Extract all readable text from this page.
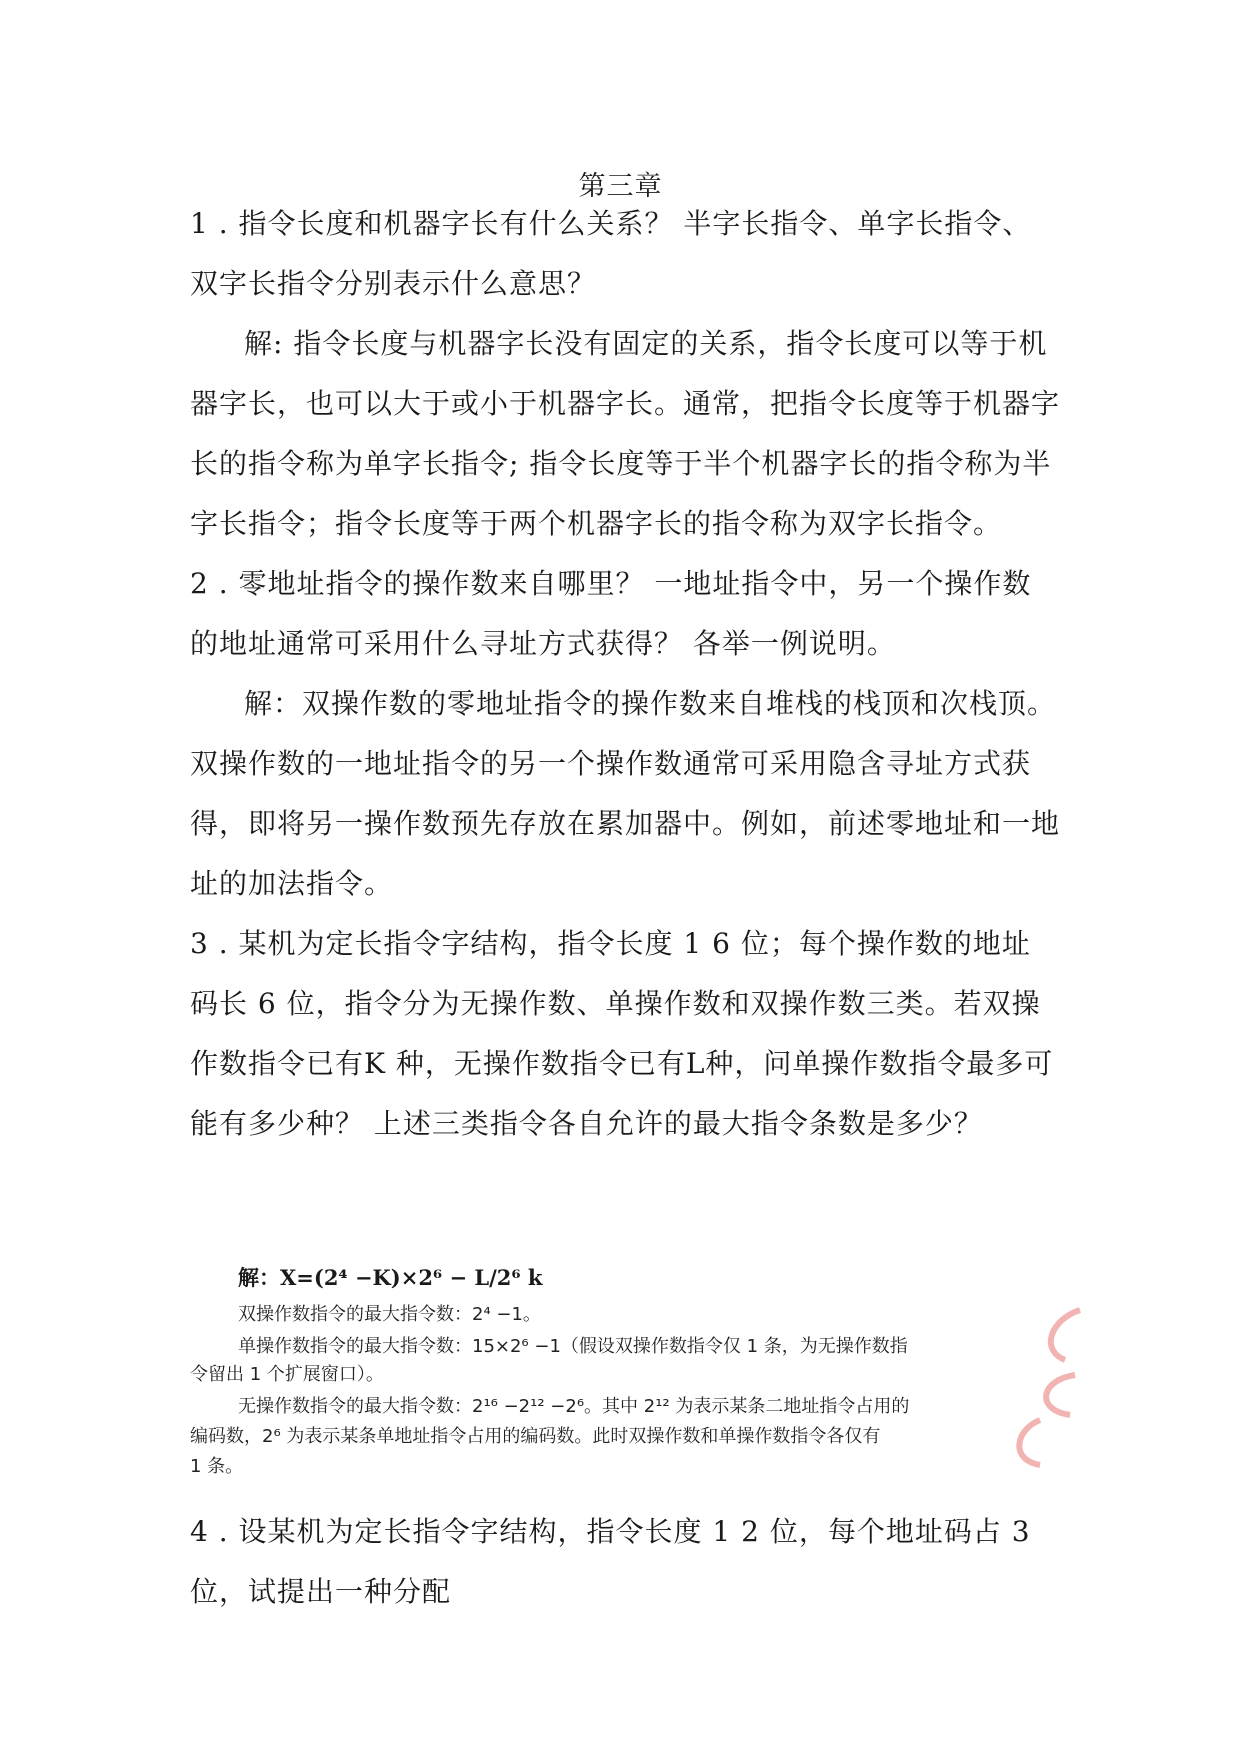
第三章
1 . 指令长度和机器字长有什么关系？ 半字长指令、单字长指令、
双字长指令分别表示什么意思？
解: 指令长度与机器字长没有固定的关系，指令长度可以等于机
器字长，也可以大于或小于机器字长。通常，把指令长度等于机器字
长的指令称为单字长指令; 指令长度等于半个机器字长的指令称为半
字长指令；指令长度等于两个机器字长的指令称为双字长指令。
2 . 零地址指令的操作数来自哪里？ 一地址指令中，另一个操作数
的地址通常可采用什么寻址方式获得？ 各举一例说明。
解：双操作数的零地址指令的操作数来自堆栈的栈顶和次栈顶。
双操作数的一地址指令的另一个操作数通常可采用隐含寻址方式获
得，即将另一操作数预先存放在累加器中。例如，前述零地址和一地
址的加法指令。
3 . 某机为定长指令字结构，指令长度 1 6 位；每个操作数的地址
码长 6 位，指令分为无操作数、单操作数和双操作数三类。若双操
作数指令已有K 种，无操作数指令已有L种，问单操作数指令最多可
能有多少种？ 上述三类指令各自允许的最大指令条数是多少？
解：X=(2⁴ −K)×2⁶ − L/2⁶ k
双操作数指令的最大指令数：2⁴ −1。
单操作数指令的最大指令数：15×2⁶ −1（假设双操作数指令仅 1 条，为无操作数指
令留出 1 个扩展窗口）。
无操作数指令的最大指令数：2¹⁶ −2¹² −2⁶。其中 2¹² 为表示某条二地址指令占用的
编码数，2⁶ 为表示某条单地址指令占用的编码数。此时双操作数和单操作数指令各仅有
1 条。
4 . 设某机为定长指令字结构，指令长度 1 2 位，每个地址码占 3
位，试提出一种分配
